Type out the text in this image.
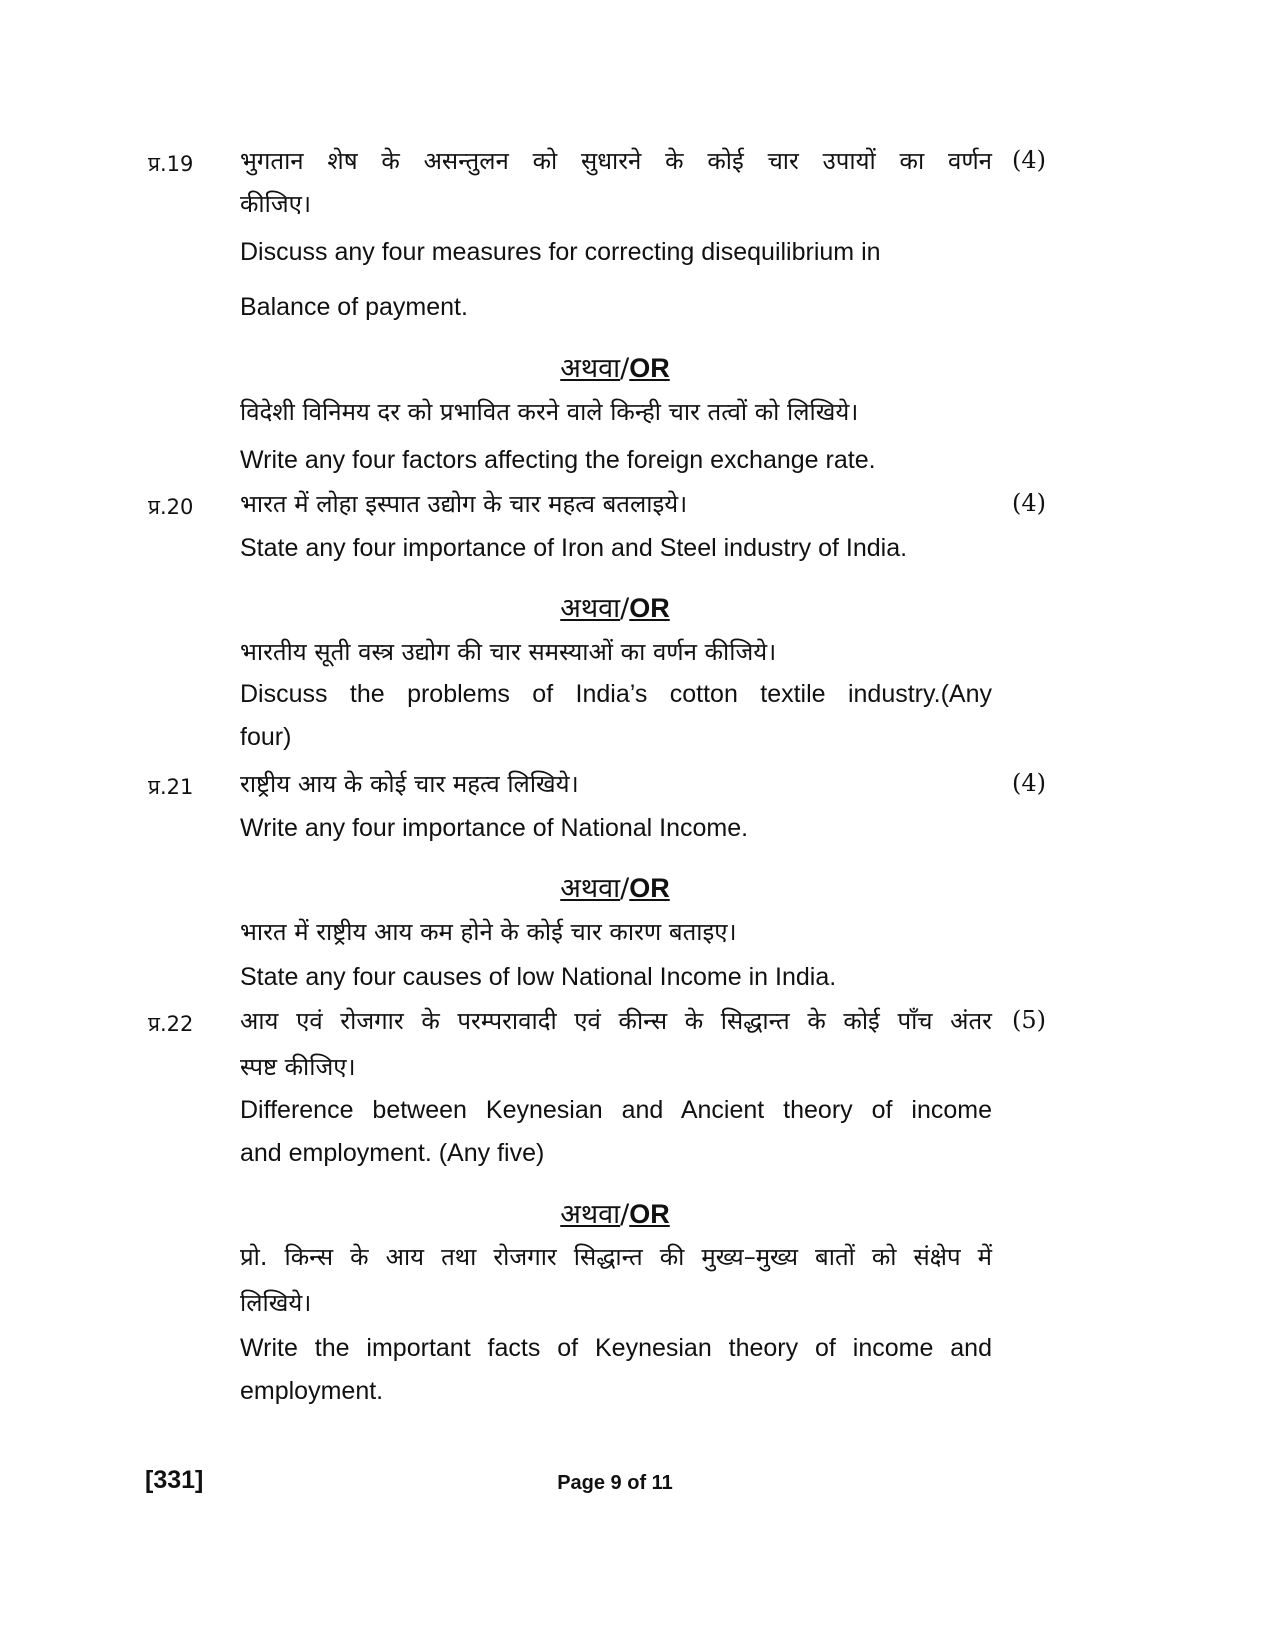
प्र.19 भुगतान शेष के असन्तुलन को सुधारने के कोई चार उपायों का वर्णन (4)
कीजिए।
Discuss any four measures for correcting disequilibrium in
Balance of payment.
अथवा/OR
विदेशी विनिमय दर को प्रभावित करने वाले किन्ही चार तत्वों को लिखिये।
Write any four factors affecting the foreign exchange rate.
प्र.20 भारत में लोहा इस्पात उद्योग के चार महत्व बतलाइये।	(4)
State any four importance of Iron and Steel industry of India.
अथवा/OR
भारतीय सूती वस्त्र उद्योग की चार समस्याओं का वर्णन कीजिये।
Discuss the problems of India’s cotton textile industry.(Any
four)
प्र.21 राष्ट्रीय आय के कोई चार महत्व लिखिये।	(4)
Write any four importance of National Income.
अथवा/OR
भारत में राष्ट्रीय आय कम होने के कोई चार कारण बताइए।
State any four causes of low National Income in India.
प्र.22 आय एवं रोजगार के परम्परावादी एवं कीन्स के सिद्धान्त के कोई पाँच अंतर (5)
स्पष्ट कीजिए।
Difference between Keynesian and Ancient theory of income
and employment. (Any five)
अथवा/OR
प्रो. किन्स के आय तथा रोजगार सिद्धान्त की मुख्य–मुख्य बातों को संक्षेप में
लिखिये।
Write the important facts of Keynesian theory of income and
employment.
[331]	Page 9 of 11
